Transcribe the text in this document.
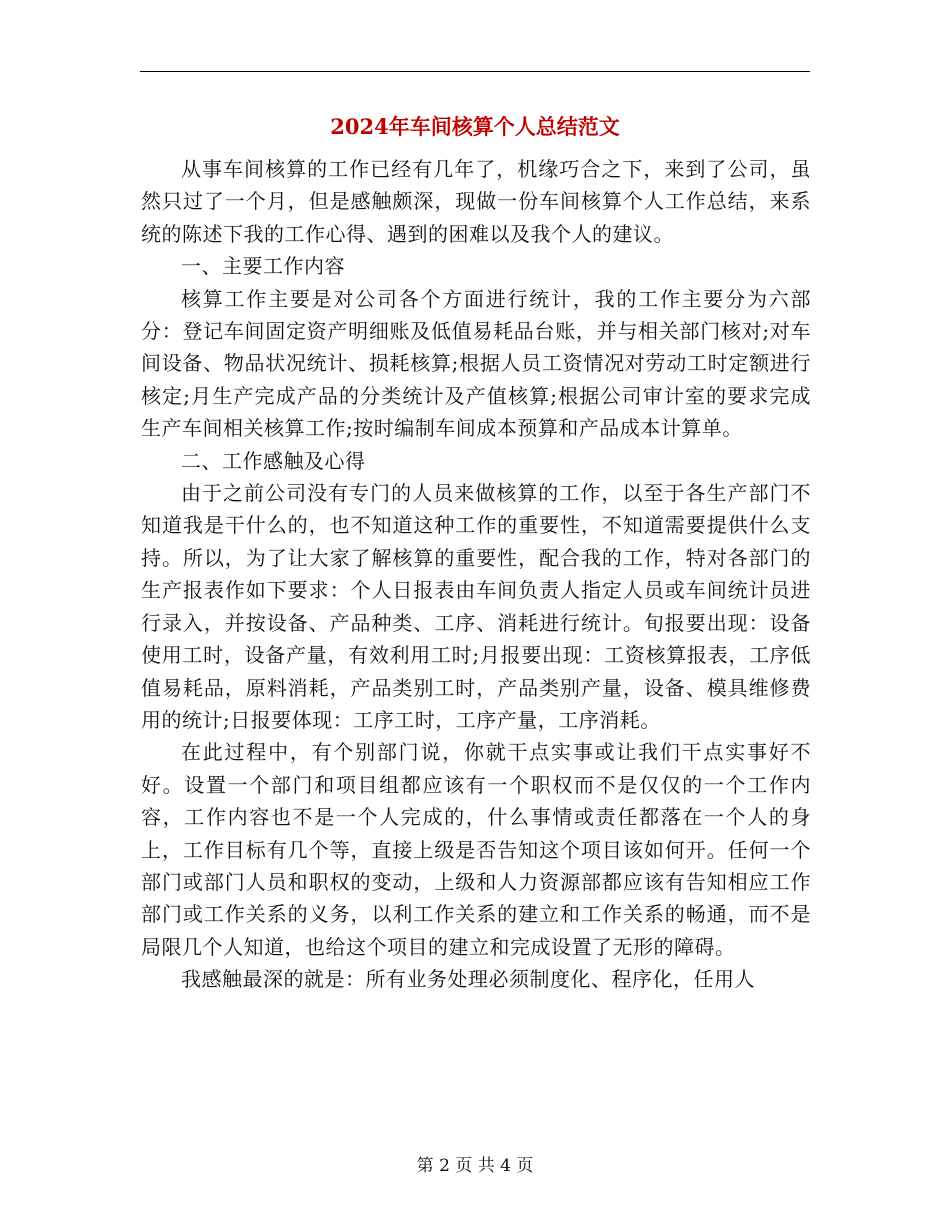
2024年车间核算个人总结范文

从事车间核算的工作已经有几年了，机缘巧合之下，来到了公司，虽然只过了一个月，但是感触颇深，现做一份车间核算个人工作总结，来系统的陈述下我的工作心得、遇到的困难以及我个人的建议。

一、主要工作内容

核算工作主要是对公司各个方面进行统计，我的工作主要分为六部分：登记车间固定资产明细账及低值易耗品台账，并与相关部门核对;对车间设备、物品状况统计、损耗核算;根据人员工资情况对劳动工时定额进行核定;月生产完成产品的分类统计及产值核算;根据公司审计室的要求完成生产车间相关核算工作;按时编制车间成本预算和产品成本计算单。

二、工作感触及心得

由于之前公司没有专门的人员来做核算的工作，以至于各生产部门不知道我是干什么的，也不知道这种工作的重要性，不知道需要提供什么支持。所以，为了让大家了解核算的重要性，配合我的工作，特对各部门的生产报表作如下要求：个人日报表由车间负责人指定人员或车间统计员进行录入，并按设备、产品种类、工序、消耗进行统计。旬报要出现：设备使用工时，设备产量，有效利用工时;月报要出现：工资核算报表，工序低值易耗品，原料消耗，产品类别工时，产品类别产量，设备、模具维修费用的统计;日报要体现：工序工时，工序产量，工序消耗。

在此过程中，有个别部门说，你就干点实事或让我们干点实事好不好。设置一个部门和项目组都应该有一个职权而不是仅仅的一个工作内容，工作内容也不是一个人完成的，什么事情或责任都落在一个人的身上，工作目标有几个等，直接上级是否告知这个项目该如何开。任何一个部门或部门人员和职权的变动，上级和人力资源部都应该有告知相应工作部门或工作关系的义务，以利工作关系的建立和工作关系的畅通，而不是局限几个人知道，也给这个项目的建立和完成设置了无形的障碍。

我感触最深的就是：所有业务处理必须制度化、程序化，任用人

第 2 页 共 4 页
